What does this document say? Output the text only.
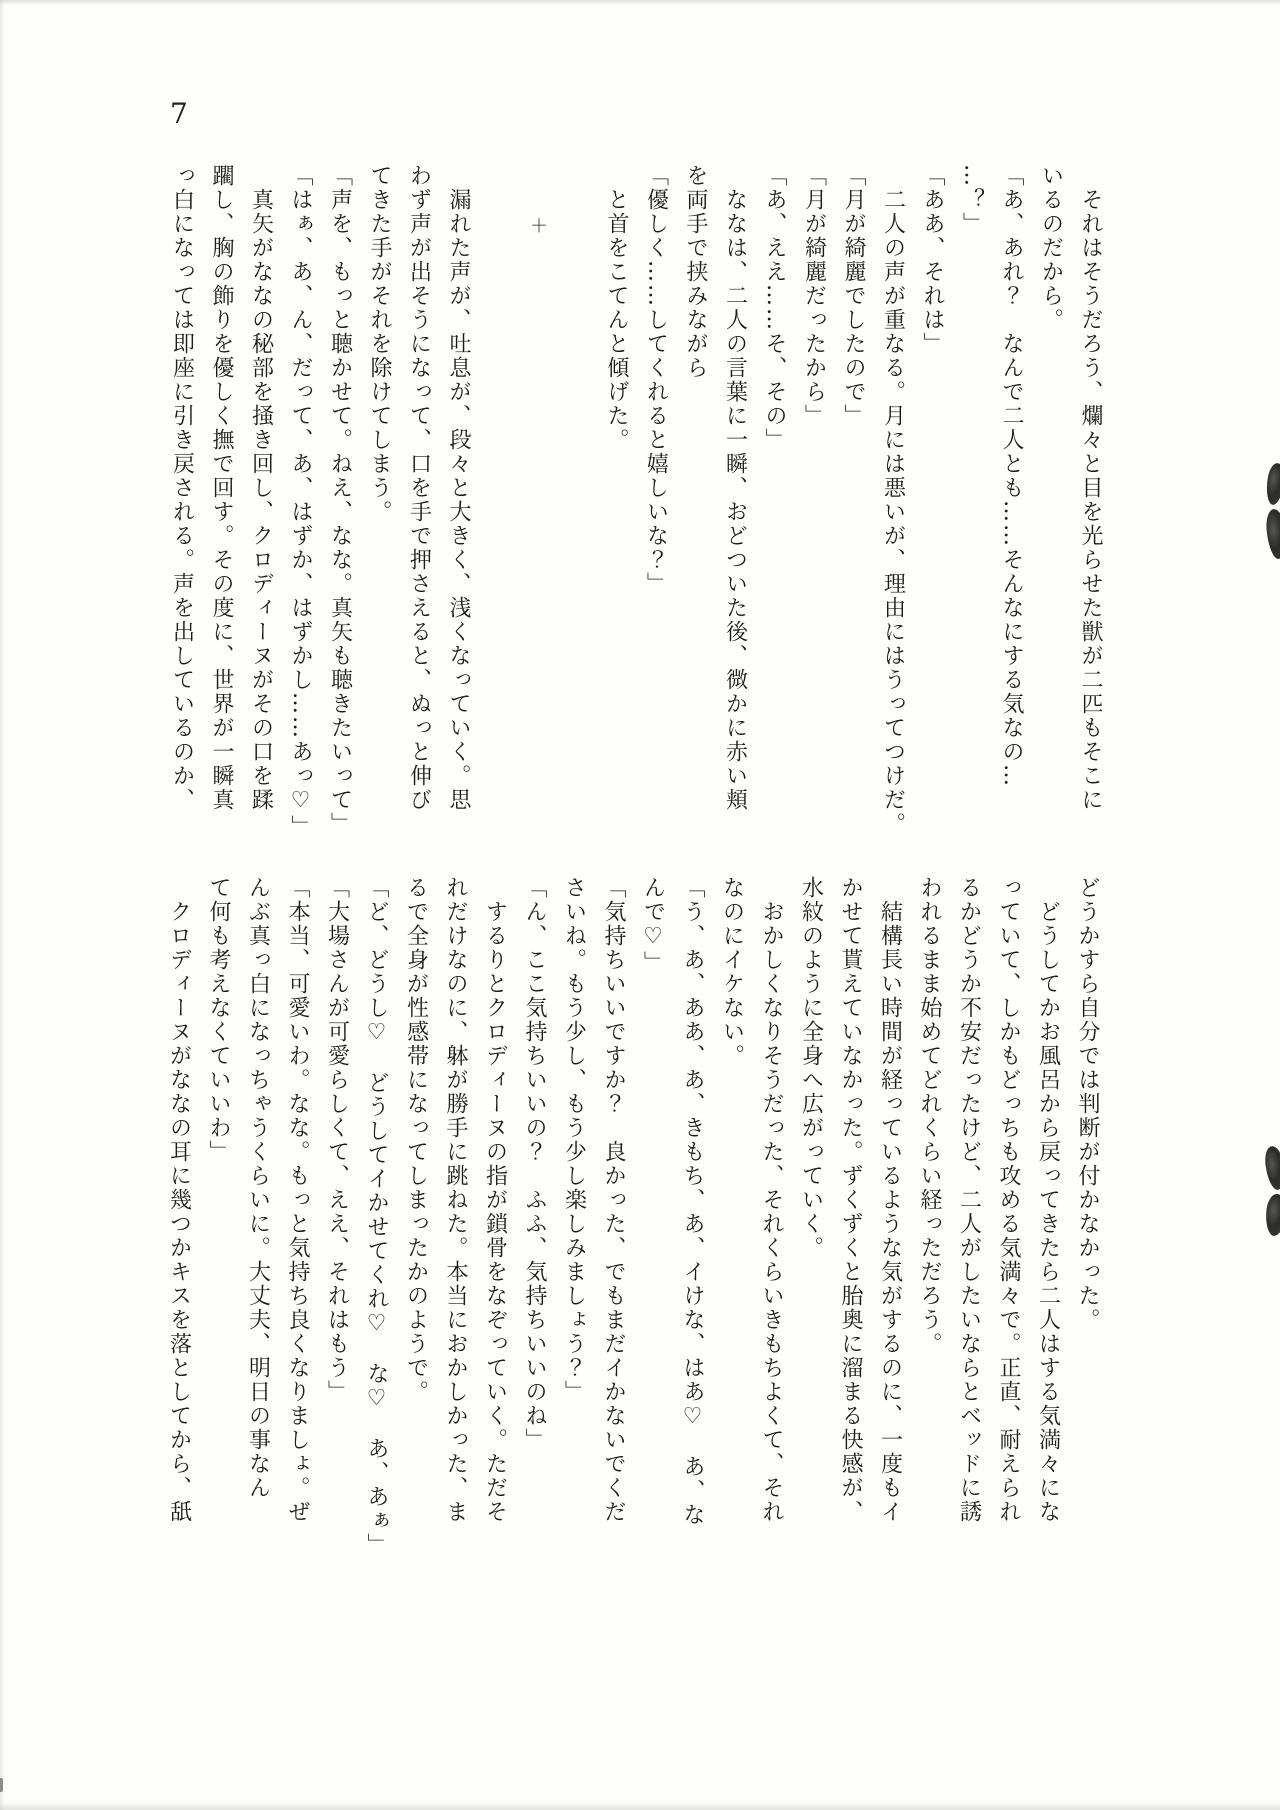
7

それはそうだろう、爛々と目を光らせた獣が二匹もそこに

いるのだから。

「あ、あれ？　なんで二人とも……そんなにする気なの…

…？」

「ああ、それは」

二人の声が重なる。月には悪いが、理由にはうってつけだ。

「月が綺麗でしたので」

「月が綺麗だったから」

「あ、ええ……そ、その」

ななは、二人の言葉に一瞬、おどついた後、微かに赤い頬

を両手で挟みながら

「優しく……してくれると嬉しいな？」

と首をこてんと傾げた。

＋

漏れた声が、吐息が、段々と大きく、浅くなっていく。思

わず声が出そうになって、口を手で押さえると、ぬっと伸び

てきた手がそれを除けてしまう。

「声を、もっと聴かせて。ねえ、なな。真矢も聴きたいって」

「はぁ、あ、ん、だって、あ、はずか、はずかし……あっ♡」

真矢がななの秘部を掻き回し、クロディーヌがその口を蹂

躙し、胸の飾りを優しく撫で回す。その度に、世界が一瞬真

っ白になっては即座に引き戻される。声を出しているのか、

どうかすら自分では判断が付かなかった。

どうしてかお風呂から戻ってきたら二人はする気満々にな

っていて、しかもどっちも攻める気満々で。正直、耐えられ

るかどうか不安だったけど、二人がしたいならとベッドに誘

われるまま始めてどれくらい経っただろう。

結構長い時間が経っているような気がするのに、一度もイ

かせて貰えていなかった。ずくずくと胎奥に溜まる快感が、

水紋のように全身へ広がっていく。

おかしくなりそうだった、それくらいきもちよくて、それ

なのにイケない。

「う、あ、ああ、あ、きもち、あ、イけな、はあ♡　あ、な

んで♡」

「気持ちいいですか？　良かった、でもまだイかないでくだ

さいね。もう少し、もう少し楽しみましょう？」

「ん、ここ気持ちいいの？　ふふ、気持ちいいのね」

するりとクロディーヌの指が鎖骨をなぞっていく。ただそ

れだけなのに、躰が勝手に跳ねた。本当におかしかった、ま

るで全身が性感帯になってしまったかのようで。

「ど、どうし♡　どうしてイかせてくれ♡　な♡　あ、あぁ」

「大場さんが可愛らしくて、ええ、それはもう」

「本当、可愛いわ。なな。もっと気持ち良くなりましょ。ぜ

んぶ真っ白になっちゃうくらいに。大丈夫、明日の事なん

て何も考えなくていいわ」

クロディーヌがななの耳に幾つかキスを落としてから、舐
